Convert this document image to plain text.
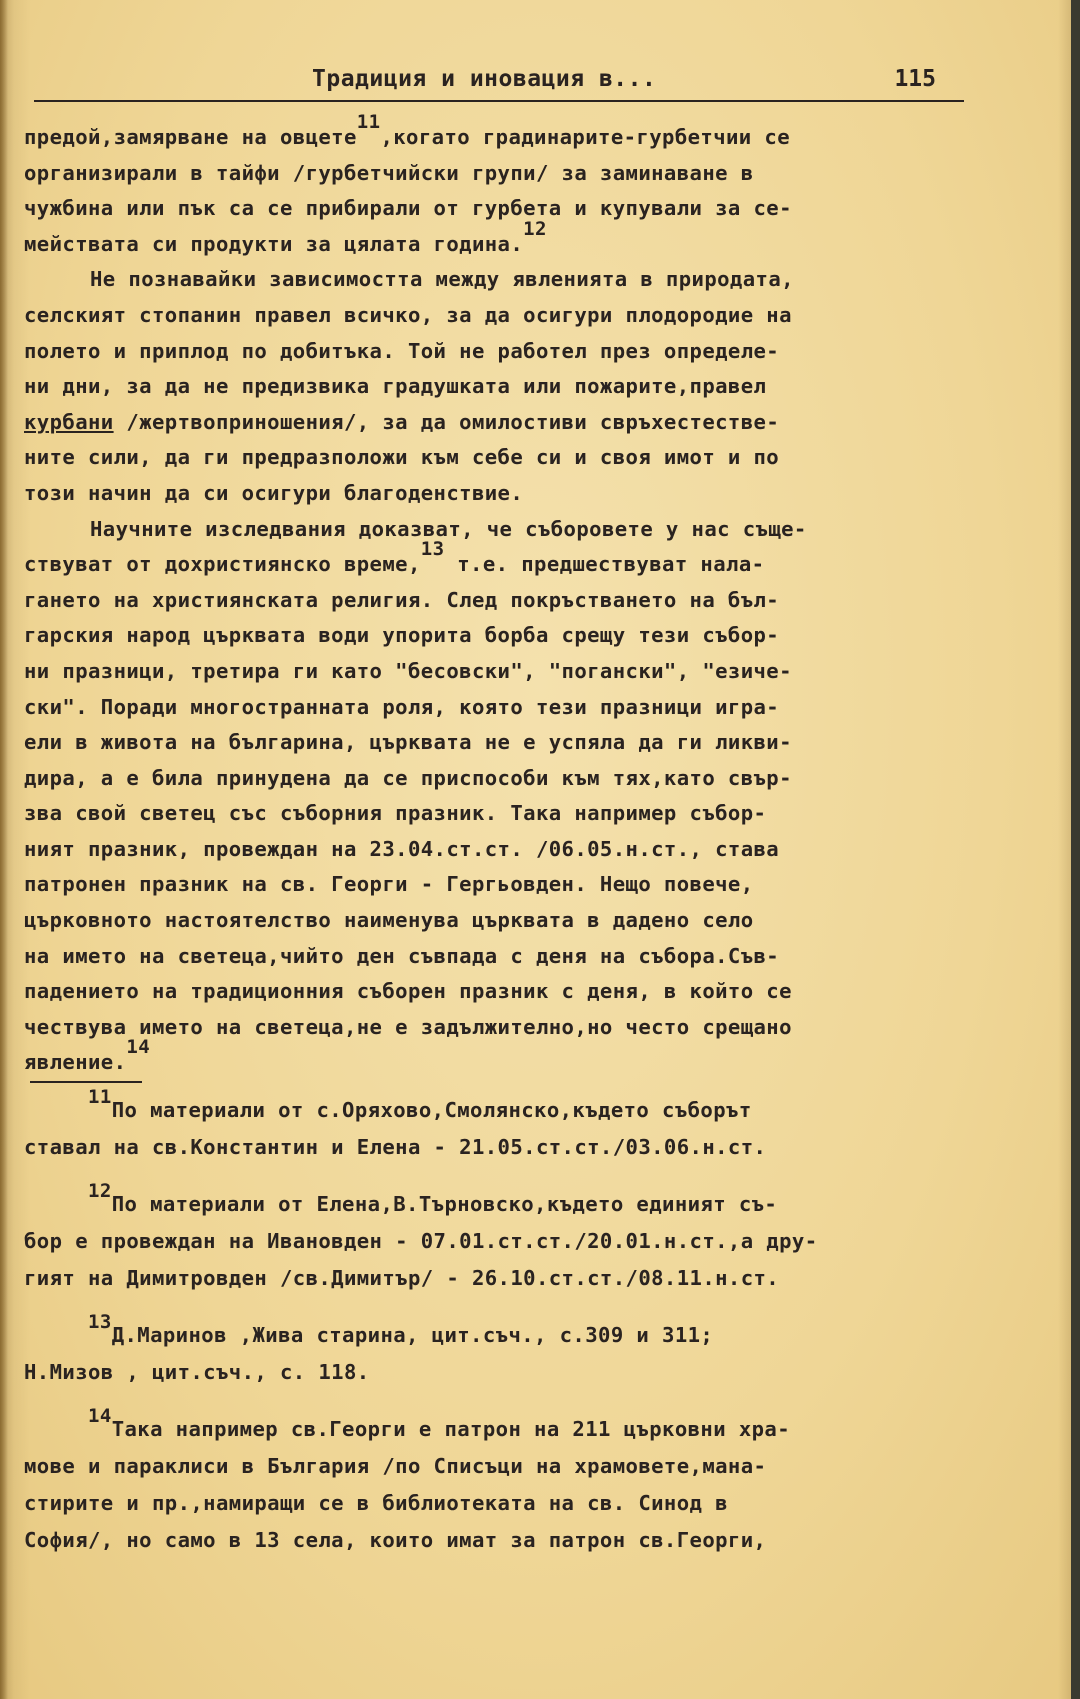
Традиция и иновация в...	115
предой,замярване на овцете11,когато градинарите-гурбетчии се
организирали в тайфи /гурбетчийски групи/ за заминаване в
чужбина или пък са се прибирали от гурбета и купували за се-
мействата си продукти за цялата година.12
Не познавайки зависимостта между явленията в природата,
селският стопанин правел всичко, за да осигури плодородие на
полето и приплод по добитъка. Той не работел през определе-
ни дни, за да не предизвика градушката или пожарите,правел
курбани /жертвоприношения/, за да омилостиви свръхестестве-
ните сили, да ги предразположи към себе си и своя имот и по
този начин да си осигури благоденствие.
Научните изследвания доказват, че съборовете у нас съще-
ствуват от дохристиянско време,13 т.е. предшествуват нала-
гането на християнската религия. След покръстването на бъл-
гарския народ църквата води упорита борба срещу тези събор-
ни празници, третира ги като "бесовски", "погански", "езиче-
ски". Поради многостранната роля, която тези празници игра-
ели в живота на българина, църквата не е успяла да ги ликви-
дира, а е била принудена да се приспособи към тях,като свър-
зва свой светец със съборния празник. Така например събор-
ният празник, провеждан на 23.04.ст.ст. /06.05.н.ст., става
патронен празник на св. Георги - Гергьовден. Нещо повече,
църковното настоятелство наименува църквата в дадено село
на името на светеца,чийто ден съвпада с деня на събора.Съв-
падението на традиционния съборен празник с деня, в който се
чествува името на светеца,не е задължително,но често срещано
явление.14
11По материали от с.Оряхово,Смолянско,където съборът
ставал на св.Константин и Елена - 21.05.ст.ст./03.06.н.ст.
12По материали от Елена,В.Търновско,където единият съ-
бор е провеждан на Ивановден - 07.01.ст.ст./20.01.н.ст.,а дру-
гият на Димитровден /св.Димитър/ - 26.10.ст.ст./08.11.н.ст.
13Д.Маринов ,Жива старина, цит.съч., с.309 и 311;
Н.Мизов , цит.съч., с. 118.
14Така например св.Георги е патрон на 211 църковни хра-
мове и параклиси в България /по Списъци на храмовете,мана-
стирите и пр.,намиращи се в библиотеката на св. Синод в
София/, но само в 13 села, които имат за патрон св.Георги,
